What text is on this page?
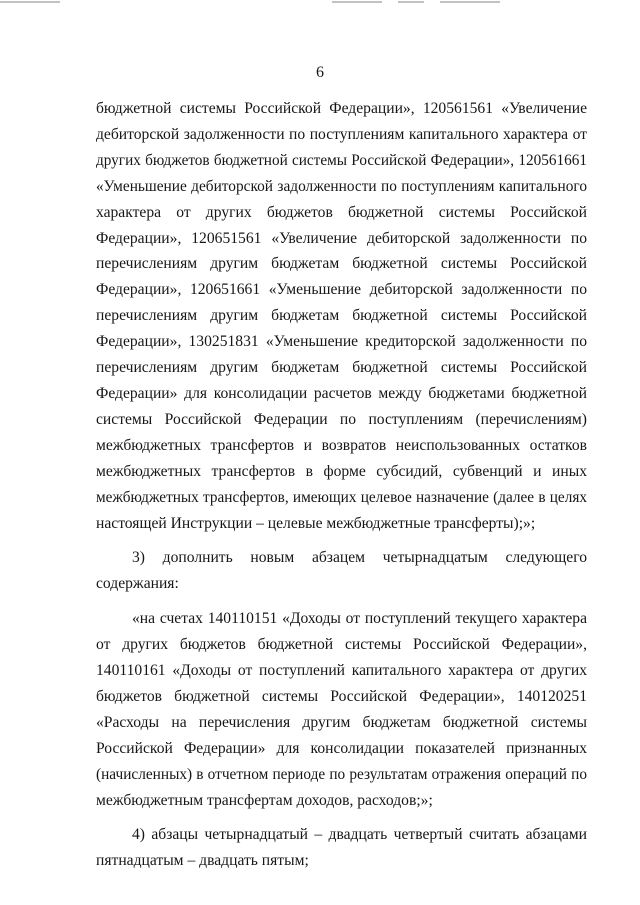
6

бюджетной системы Российской Федерации», 120561561 «Увеличение
дебиторской задолженности по поступлениям капитального характера от
других бюджетов бюджетной системы Российской Федерации», 120561661
«Уменьшение дебиторской задолженности по поступлениям капитального
характера от других бюджетов бюджетной системы Российской
Федерации», 120651561 «Увеличение дебиторской задолженности по
перечислениям другим бюджетам бюджетной системы Российской
Федерации», 120651661 «Уменьшение дебиторской задолженности по
перечислениям другим бюджетам бюджетной системы Российской
Федерации», 130251831 «Уменьшение кредиторской задолженности по
перечислениям другим бюджетам бюджетной системы Российской
Федерации» для консолидации расчетов между бюджетами бюджетной
системы Российской Федерации по поступлениям (перечислениям)
межбюджетных трансфертов и возвратов неиспользованных остатков
межбюджетных трансфертов в форме субсидий, субвенций и иных
межбюджетных трансфертов, имеющих целевое назначение (далее в целях
настоящей Инструкции – целевые межбюджетные трансферты);»;

3) дополнить новым абзацем четырнадцатым следующего
содержания:

«на счетах 140110151 «Доходы от поступлений текущего характера
от других бюджетов бюджетной системы Российской Федерации»,
140110161 «Доходы от поступлений капитального характера от других
бюджетов бюджетной системы Российской Федерации», 140120251
«Расходы на перечисления другим бюджетам бюджетной системы
Российской Федерации» для консолидации показателей признанных
(начисленных) в отчетном периоде по результатам отражения операций по
межбюджетным трансфертам доходов, расходов;»;

4) абзацы четырнадцатый – двадцать четвертый считать абзацами
пятнадцатым – двадцать пятым;
